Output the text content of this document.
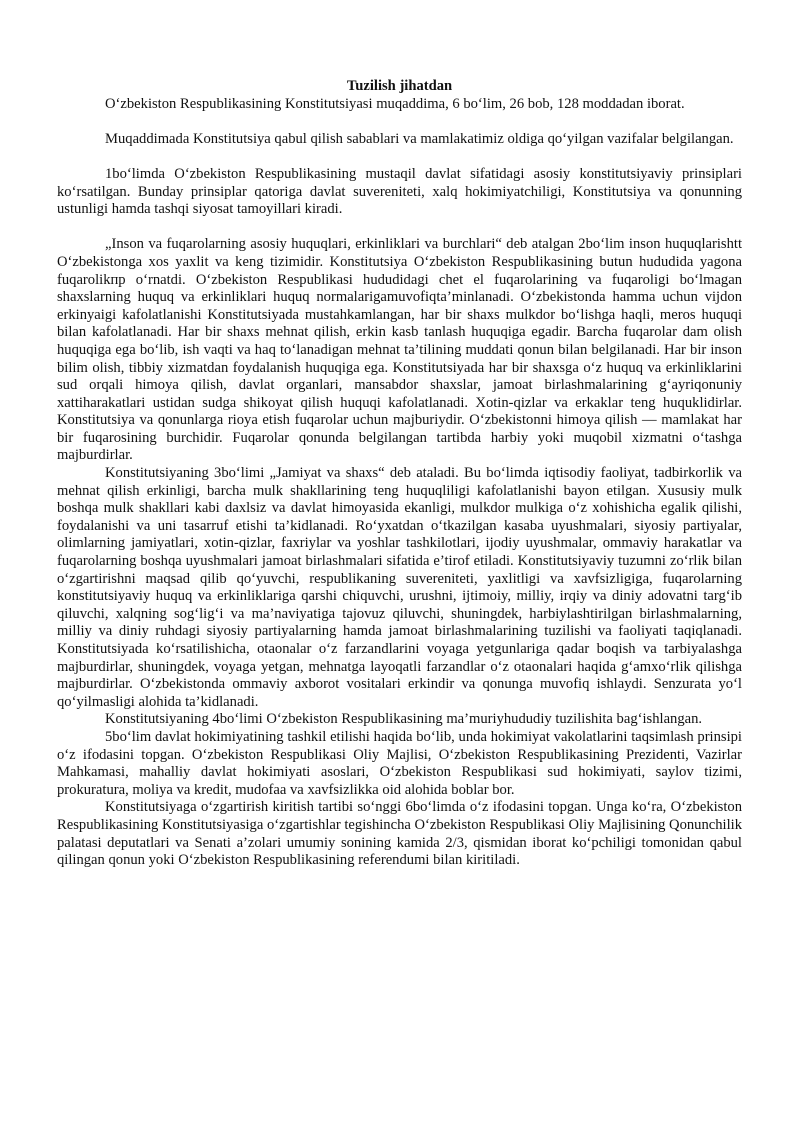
Tuzilish jihatdan

O‘zbekiston Respublikasining Konstitutsiyasi muqaddima, 6 bo‘lim, 26 bob, 128 moddadan iborat.

Muqaddimada Konstitutsiya qabul qilish sabablari va mamlakatimiz oldiga qo‘yilgan vazifalar belgilangan.

1bo‘limda O‘zbekiston Respublikasining mustaqil davlat sifatidagi asosiy konstitutsiyaviy prinsiplari ko‘rsatilgan. Bunday prinsiplar qatoriga davlat suvereniteti, xalq hokimiyatchiligi, Konstitutsiya va qonunning ustunligi hamda tashqi siyosat tamoyillari kiradi.

„Inson va fuqarolarning asosiy huquqlari, erkinliklari va burchlari“ deb atalgan 2bo‘lim inson huquqlarishtt O‘zbekistonga xos yaxlit va keng tizimidir. Konstitutsiya O‘zbekiston Respublikasining butun hududida yagona fuqarolikпp o‘rnatdi. O‘zbekiston Respublikasi hududidagi chet el fuqarolarining va fuqaroligi bo‘lmagan shaxslarning huquq va erkinliklari huquq normalarigamuvofiqta’minlanadi. O‘zbekistonda hamma uchun vijdon erkinyaigi kafolatlanishi Konstitutsiyada mustahkamlangan, har bir shaxs mulkdor bo‘lishga haqli, meros huquqi bilan kafolatlanadi. Har bir shaxs mehnat qilish, erkin kasb tanlash huquqiga egadir. Barcha fuqarolar dam olish huquqiga ega bo‘lib, ish vaqti va haq to‘lanadigan mehnat ta’tilining muddati qonun bilan belgilanadi. Har bir inson bilim olish, tibbiy xizmatdan foydalanish huquqiga ega. Konstitutsiyada har bir shaxsga o‘z huquq va erkinliklarini sud orqali himoya qilish, davlat organlari, mansabdor shaxslar, jamoat birlashmalarining g‘ayriqonuniy xattiharakatlari ustidan sudga shikoyat qilish huquqi kafolatlanadi. Xotin-qizlar va erkaklar teng huquklidirlar. Konstitutsiya va qonunlarga rioya etish fuqarolar uchun majburiydir. O‘zbekistonni himoya qilish — mamlakat har bir fuqarosining burchidir. Fuqarolar qonunda belgilangan tartibda harbiy yoki muqobil xizmatni o‘tashga majburdirlar.

Konstitutsiyaning 3bo‘limi „Jamiyat va shaxs“ deb ataladi. Bu bo‘limda iqtisodiy faoliyat, tadbirkorlik va mehnat qilish erkinligi, barcha mulk shakllarining teng huquqliligi kafolatlanishi bayon etilgan. Xususiy mulk boshqa mulk shakllari kabi daxlsiz va davlat himoyasida ekanligi, mulkdor mulkiga o‘z xohishicha egalik qilishi, foydalanishi va uni tasarruf etishi ta’kidlanadi. Ro‘yxatdan o‘tkazilgan kasaba uyushmalari, siyosiy partiyalar, olimlarning jamiyatlari, xotin-qizlar, faxriylar va yoshlar tashkilotlari, ijodiy uyushmalar, ommaviy harakatlar va fuqarolarning boshqa uyushmalari jamoat birlashmalari sifatida e’tirof etiladi. Konstitutsiyaviy tuzumni zo‘rlik bilan o‘zgartirishni maqsad qilib qo‘yuvchi, respublikaning suvereniteti, yaxlitligi va xavfsizligiga, fuqarolarning konstitutsiyaviy huquq va erkinliklariga qarshi chiquvchi, urushni, ijtimoiy, milliy, irqiy va diniy adovatni targ‘ib qiluvchi, xalqning sog‘lig‘i va ma’naviyatiga tajovuz qiluvchi, shuningdek, harbiylashtirilgan birlashmalarning, milliy va diniy ruhdagi siyosiy partiyalarning hamda jamoat birlashmalarining tuzilishi va faoliyati taqiqlanadi. Konstitutsiyada ko‘rsatilishicha, otaonalar o‘z farzandlarini voyaga yetgunlariga qadar boqish va tarbiyalashga majburdirlar, shuningdek, voyaga yetgan, mehnatga layoqatli farzandlar o‘z otaonalari haqida g‘amxo‘rlik qilishga majburdirlar. O‘zbekistonda ommaviy axborot vositalari erkindir va qonunga muvofiq ishlaydi. Senzurata yo‘l qo‘yilmasligi alohida ta’kidlanadi.

Konstitutsiyaning 4bo‘limi O‘zbekiston Respublikasining ma’muriyhududiy tuzilishita bag‘ishlangan.

5bo‘lim davlat hokimiyatining tashkil etilishi haqida bo‘lib, unda hokimiyat vakolatlarini taqsimlash prinsipi o‘z ifodasini topgan. O‘zbekiston Respublikasi Oliy Majlisi, O‘zbekiston Respublikasining Prezidenti, Vazirlar Mahkamasi, mahalliy davlat hokimiyati asoslari, O‘zbekiston Respublikasi sud hokimiyati, saylov tizimi, prokuratura, moliya va kredit, mudofaa va xavfsizlikka oid alohida boblar bor.

Konstitutsiyaga o‘zgartirish kiritish tartibi so‘nggi 6bo‘limda o‘z ifodasini topgan. Unga ko‘ra, O‘zbekiston Respublikasining Konstitutsiyasiga o‘zgartishlar tegishincha O‘zbekiston Respublikasi Oliy Majlisining Qonunchilik palatasi deputatlari va Senati a’zolari umumiy sonining kamida 2/3, qismidan iborat ko‘pchiligi tomonidan qabul qilingan qonun yoki O‘zbekiston Respublikasining referendumi bilan kiritiladi.
